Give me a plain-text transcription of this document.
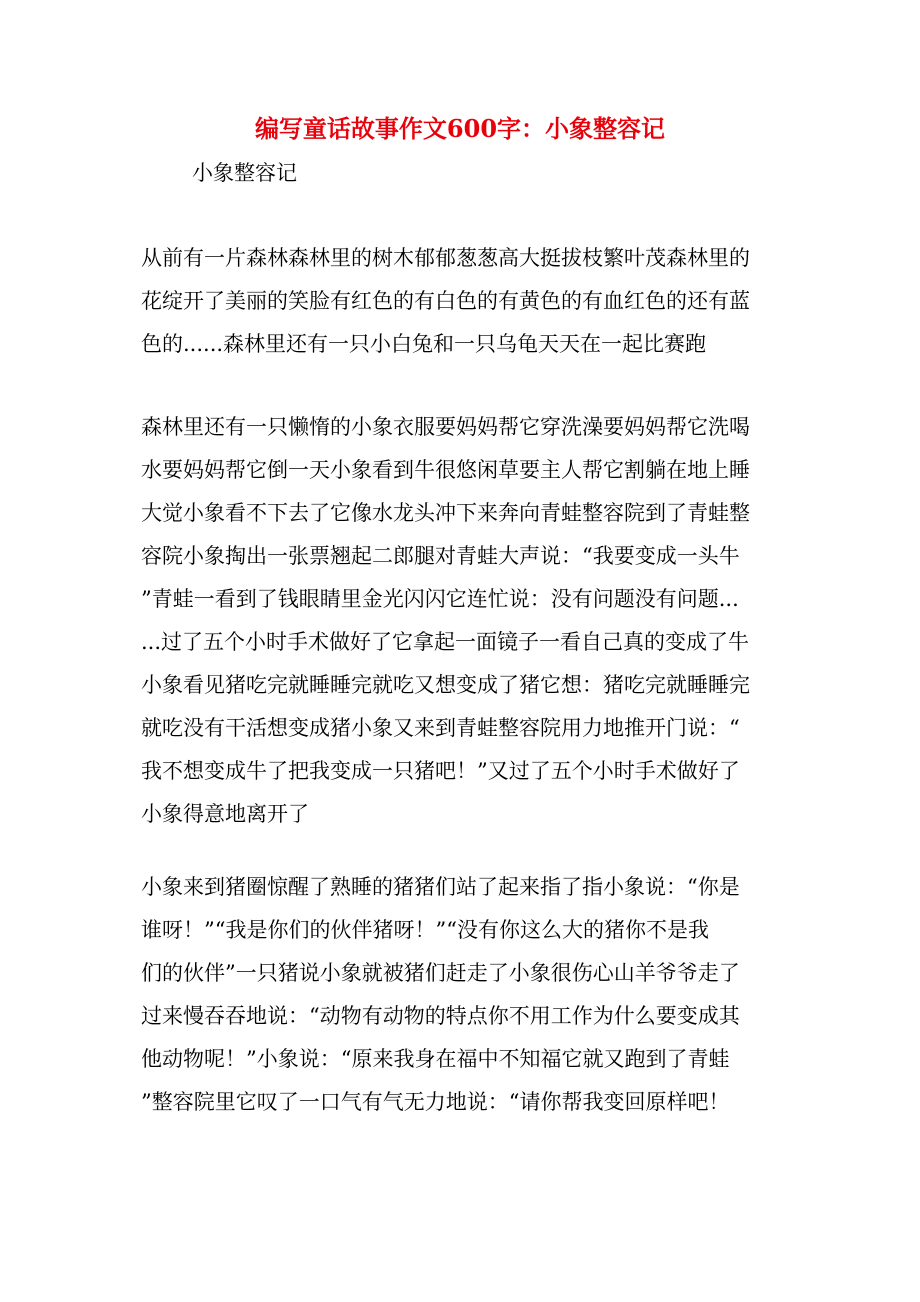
编写童话故事作文600字：小象整容记

小象整容记

从前有一片森林森林里的树木郁郁葱葱高大挺拔枝繁叶茂森林里的
花绽开了美丽的笑脸有红色的有白色的有黄色的有血红色的还有蓝
色的......森林里还有一只小白兔和一只乌龟天天在一起比赛跑
森林里还有一只懒惰的小象衣服要妈妈帮它穿洗澡要妈妈帮它洗喝
水要妈妈帮它倒一天小象看到牛很悠闲草要主人帮它割躺在地上睡
大觉小象看不下去了它像水龙头冲下来奔向青蛙整容院到了青蛙整
容院小象掏出一张票翘起二郎腿对青蛙大声说：“我要变成一头牛
”青蛙一看到了钱眼睛里金光闪闪它连忙说：没有问题没有问题...
...过了五个小时手术做好了它拿起一面镜子一看自己真的变成了牛
小象看见猪吃完就睡睡完就吃又想变成了猪它想：猪吃完就睡睡完
就吃没有干活想变成猪小象又来到青蛙整容院用力地推开门说：“
我不想变成牛了把我变成一只猪吧！”又过了五个小时手术做好了
小象得意地离开了
小象来到猪圈惊醒了熟睡的猪猪们站了起来指了指小象说：“你是
谁呀！”“我是你们的伙伴猪呀！”“没有你这么大的猪你不是我
们的伙伴”一只猪说小象就被猪们赶走了小象很伤心山羊爷爷走了
过来慢吞吞地说：“动物有动物的特点你不用工作为什么要变成其
他动物呢！”小象说：“原来我身在福中不知福它就又跑到了青蛙
”整容院里它叹了一口气有气无力地说：“请你帮我变回原样吧！
